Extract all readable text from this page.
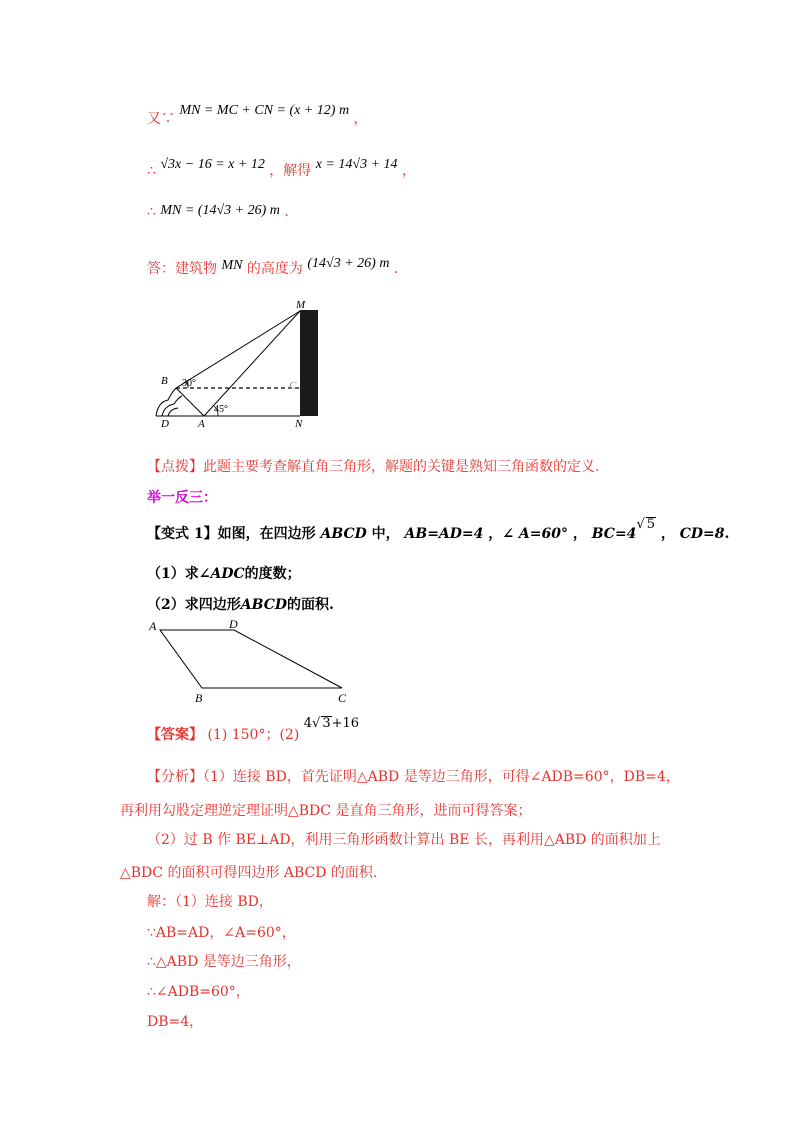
又∵ MN = MC + CN = (x + 12) m ，
∴ √3x − 16 = x + 12 ，解得 x = 14√3 + 14 ，
∴ MN = (14√3 + 26) m .
答：建筑物 MN 的高度为 (14√3 + 26) m .
M
B	C
D	A	N
30°
45°
【点拨】此题主要考查解直角三角形，解题的关键是熟知三角函数的定义.
举一反三：
【变式 1】如图，在四边形 ABCD 中， AB=AD=4 ，∠ A=60° ， BC=4√ 5 ， CD=8.
（1）求∠ADC的度数；
（2）求四边形ABCD的面积.
A	D
B	C
【答案】 (1) 150°；(2) 4√ 3+16
【分析】（1）连接 BD，首先证明△ABD 是等边三角形，可得∠ADB=60°，DB=4，
再利用勾股定理逆定理证明△BDC 是直角三角形，进而可得答案；
（2）过 B 作 BE⊥AD，利用三角形函数计算出 BE 长，再利用△ABD 的面积加上
△BDC 的面积可得四边形 ABCD 的面积.
解：（1）连接 BD，
∵AB=AD，∠A=60°，
∴△ABD 是等边三角形，
∴∠ADB=60°，
DB=4，
